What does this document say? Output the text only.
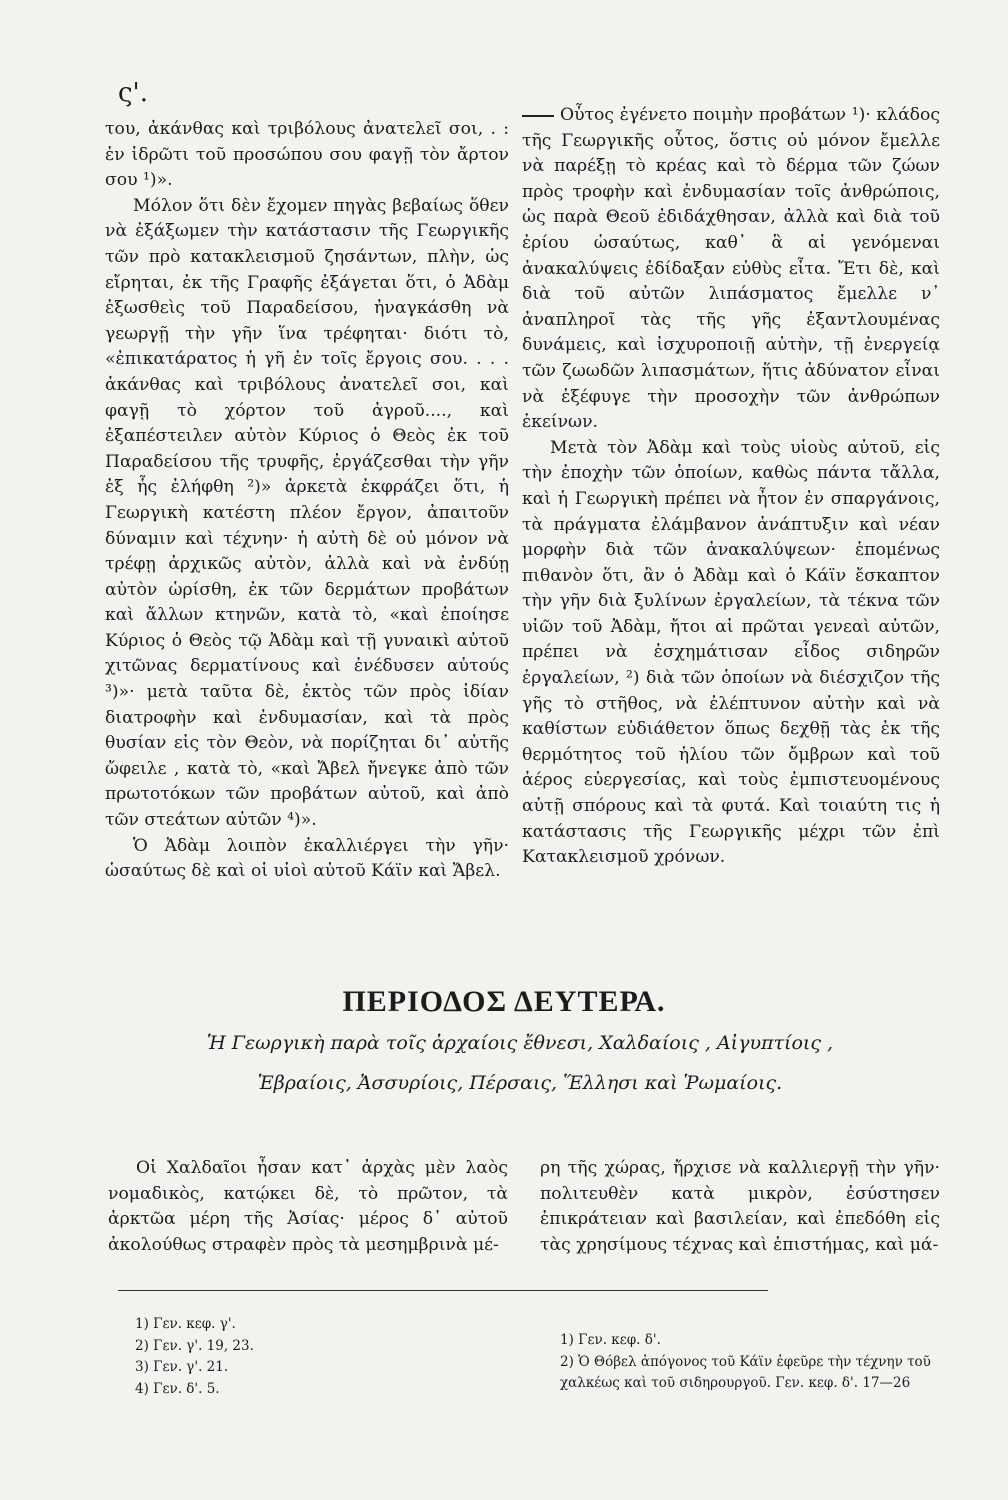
ς'.

του, ἀκάνθας καὶ τριβόλους ἀνατελεῖ σοι, . : ἐν ἱδρῶτι τοῦ προσώπου σου φαγῇ τὸν ἄρτον σου ¹)».

Μόλον ὅτι δὲν ἔχομεν πηγὰς βεβαίως ὅθεν νὰ ἐξάξωμεν τὴν κατάστασιν τῆς Γεωργικῆς τῶν πρὸ κατακλεισμοῦ ζησάντων, πλὴν, ὡς εἴρηται, ἐκ τῆς Γραφῆς ἐξάγεται ὅτι, ὁ Ἀδὰμ ἐξωσθεὶς τοῦ Παραδείσου, ἠναγκάσθη νὰ γεωργῇ τὴν γῆν ἵνα τρέφηται· διότι τὸ, «ἐπικατάρατος ἡ γῆ ἐν τοῖς ἔργοις σου. . . . ἀκάνθας καὶ τριβόλους ἀνατελεῖ σοι, καὶ φαγῇ τὸ χόρτον τοῦ ἀγροῦ...., καὶ ἐξαπέστειλεν αὐτὸν Κύριος ὁ Θεὸς ἐκ τοῦ Παραδείσου τῆς τρυφῆς, ἐργάζεσθαι τὴν γῆν ἐξ ἧς ἐλήφθη ²)» ἀρκετὰ ἐκφράζει ὅτι, ἡ Γεωργικὴ κατέστη πλέον ἔργον, ἀπαιτοῦν δύναμιν καὶ τέχνην· ἡ αὐτὴ δὲ οὐ μόνον νὰ τρέφῃ ἀρχικῶς αὐτὸν, ἀλλὰ καὶ νὰ ἐνδύῃ αὐτὸν ὡρίσθη, ἐκ τῶν δερμάτων προβάτων καὶ ἄλλων κτηνῶν, κατὰ τὸ, «καὶ ἐποίησε Κύριος ὁ Θεὸς τῷ Ἀδὰμ καὶ τῇ γυναικὶ αὐτοῦ χιτῶνας δερματίνους καὶ ἐνέδυσεν αὐτούς ³)»· μετὰ ταῦτα δὲ, ἐκτὸς τῶν πρὸς ἰδίαν διατροφὴν καὶ ἐνδυμασίαν, καὶ τὰ πρὸς θυσίαν εἰς τὸν Θεὸν, νὰ πορίζηται δι᾽ αὐτῆς ὤφειλε , κατὰ τὸ, «καὶ Ἄβελ ἤνεγκε ἀπὸ τῶν πρωτοτόκων τῶν προβάτων αὐτοῦ, καὶ ἀπὸ τῶν στεάτων αὐτῶν ⁴)».

Ὁ Ἀδὰμ λοιπὸν ἐκαλλιέργει τὴν γῆν· ὡσαύτως δὲ καὶ οἱ υἱοὶ αὐτοῦ Κάϊν καὶ Ἄβελ.

Οὗτος ἐγένετο ποιμὴν προβάτων ¹)· κλάδος τῆς Γεωργικῆς οὗτος, ὅστις οὐ μόνον ἔμελλε νὰ παρέξῃ τὸ κρέας καὶ τὸ δέρμα τῶν ζώων πρὸς τροφὴν καὶ ἐνδυμασίαν τοῖς ἀνθρώποις, ὡς παρὰ Θεοῦ ἐδιδάχθησαν, ἀλλὰ καὶ διὰ τοῦ ἐρίου ὡσαύτως, καθ᾽ ἃ αἱ γενόμεναι ἀνακαλύψεις ἐδίδαξαν εὐθὺς εἶτα. Ἔτι δὲ, καὶ διὰ τοῦ αὐτῶν λιπάσματος ἔμελλε ν᾽ ἀναπληροῖ τὰς τῆς γῆς ἐξαντλουμένας δυνάμεις, καὶ ἰσχυροποιῇ αὐτὴν, τῇ ἐνεργείᾳ τῶν ζωωδῶν λιπασμάτων, ἥτις ἀδύνατον εἶναι νὰ ἐξέφυγε τὴν προσοχὴν τῶν ἀνθρώπων ἐκείνων.

Μετὰ τὸν Ἀδὰμ καὶ τοὺς υἱοὺς αὐτοῦ, εἰς τὴν ἐποχὴν τῶν ὁποίων, καθὼς πάντα τἄλλα, καὶ ἡ Γεωργικὴ πρέπει νὰ ἦτον ἐν σπαργάνοις, τὰ πράγματα ἐλάμβανον ἀνάπτυξιν καὶ νέαν μορφὴν διὰ τῶν ἀνακαλύψεων· ἑπομένως πιθανὸν ὅτι, ἂν ὁ Ἀδὰμ καὶ ὁ Κάϊν ἔσκαπτον τὴν γῆν διὰ ξυλίνων ἐργαλείων, τὰ τέκνα τῶν υἱῶν τοῦ Ἀδὰμ, ἤτοι αἱ πρῶται γενεαὶ αὐτῶν, πρέπει νὰ ἐσχημάτισαν εἶδος σιδηρῶν ἐργαλείων, ²) διὰ τῶν ὁποίων νὰ διέσχιζον τῆς γῆς τὸ στῆθος, νὰ ἐλέπτυνον αὐτὴν καὶ νὰ καθίστων εὐδιάθετον ὅπως δεχθῇ τὰς ἐκ τῆς θερμότητος τοῦ ἡλίου τῶν ὄμβρων καὶ τοῦ ἀέρος εὐεργεσίας, καὶ τοὺς ἐμπιστευομένους αὐτῇ σπόρους καὶ τὰ φυτά. Καὶ τοιαύτη τις ἡ κατάστασις τῆς Γεωργικῆς μέχρι τῶν ἐπὶ Κατακλεισμοῦ χρόνων.

ΠΕΡΙΟΔΟΣ ΔΕΥΤΕΡΑ.
Ἡ Γεωργικὴ παρὰ τοῖς ἀρχαίοις ἔθνεσι, Χαλδαίοις , Αἰγυπτίοις ,
Ἑβραίοις, Ἀσσυρίοις, Πέρσαις, Ἕλλησι καὶ Ῥωμαίοις.

Οἱ Χαλδαῖοι ἦσαν κατ᾽ ἀρχὰς μὲν λαὸς νομαδικὸς, κατῴκει δὲ, τὸ πρῶτον, τὰ ἀρκτῶα μέρη τῆς Ἀσίας· μέρος δ᾽ αὐτοῦ ἀκολούθως στραφὲν πρὸς τὰ μεσημβρινὰ μέ-

ρη τῆς χώρας, ἤρχισε νὰ καλλιεργῇ τὴν γῆν· πολιτευθὲν κατὰ μικρὸν, ἐσύστησεν ἐπικράτειαν καὶ βασιλείαν, καὶ ἐπεδόθη εἰς τὰς χρησίμους τέχνας καὶ ἐπιστήμας, καὶ μά-

1) Γεν. κεφ. γ'.
2) Γεν. γ'. 19, 23.
3) Γεν. γ'. 21.
4) Γεν. δ'. 5.
1) Γεν. κεφ. δ'.
2) Ὁ Θόβελ ἀπόγονος τοῦ Κάϊν ἐφεῦρε τὴν τέχνην τοῦ χαλκέως καὶ τοῦ σιδηρουργοῦ. Γεν. κεφ. δ'. 17—26
